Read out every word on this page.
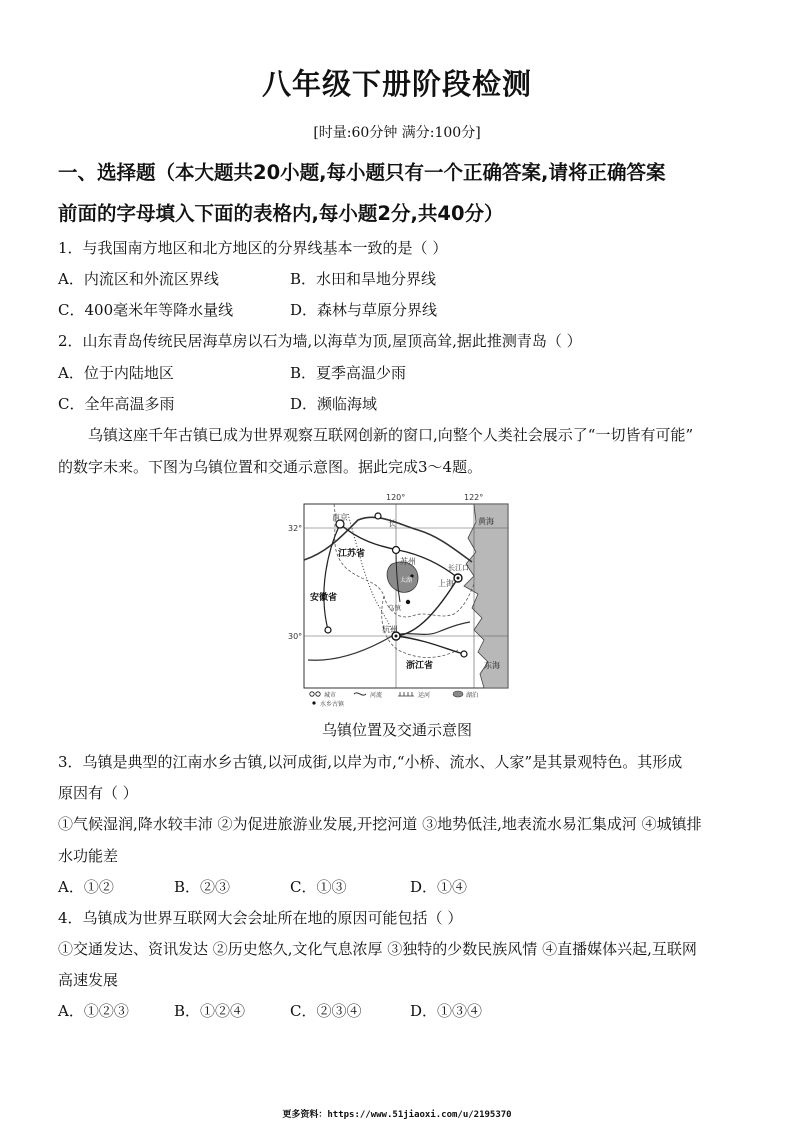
八年级下册阶段检测
[时量:60分钟 满分:100分]
一、选择题（本大题共20小题,每小题只有一个正确答案,请将正确答案
前面的字母填入下面的表格内,每小题2分,共40分）
1．与我国南方地区和北方地区的分界线基本一致的是（ ）
A．内流区和外流区界线	B．水田和旱地分界线
C．400毫米年等降水量线	D．森林与草原分界线
2．山东青岛传统民居海草房以石为墙,以海草为顶,屋顶高耸,据此推测青岛（ ）
A．位于内陆地区	B．夏季高温少雨
C．全年高温多雨	D．濒临海域
乌镇这座千年古镇已成为世界观察互联网创新的窗口,向整个人类社会展示了“一切皆有可能”
的数字未来。下图为乌镇位置和交通示意图。据此完成3～4题。
120°	122°
32°
30°
南京
长
江苏省
苏州
太湖
长江口
上海
安徽省
乌镇
杭州
浙江省
黄海
东海
城市	河流	运河	湖泊
水乡古镇
乌镇位置及交通示意图
3．乌镇是典型的江南水乡古镇,以河成街,以岸为市,“小桥、流水、人家”是其景观特色。其形成
原因有（ ）
①气候湿润,降水较丰沛 ②为促进旅游业发展,开挖河道 ③地势低洼,地表流水易汇集成河 ④城镇排
水功能差
A．①②	B．②③	C．①③	D．①④
4．乌镇成为世界互联网大会会址所在地的原因可能包括（ ）
①交通发达、资讯发达 ②历史悠久,文化气息浓厚 ③独特的少数民族风情 ④直播媒体兴起,互联网
高速发展
A．①②③	B．①②④	C．②③④	D．①③④
更多资料：https://www.51jiaoxi.com/u/2195370
